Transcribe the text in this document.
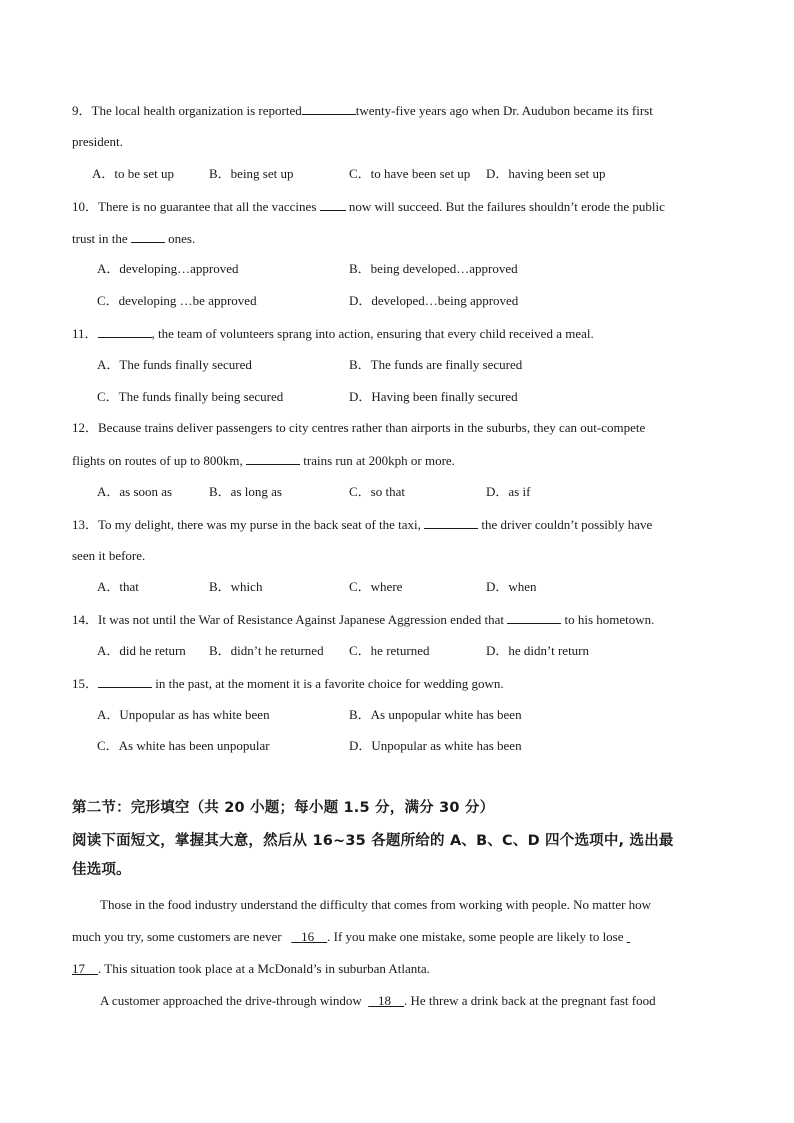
9．The local health organization is reported	twenty-five years ago when Dr. Audubon became its first
president.
A．to be set up	B．being set up	C．to have been set up D．having been set up
10．There is no guarantee that all the vaccines	now will succeed. But the failures shouldn’t erode the public
trust in the	ones.
A．developing…approved	B．being developed…approved
C．developing …be approved	D．developed…being approved
11．	, the team of volunteers sprang into action, ensuring that every child received a meal.
A．The funds finally secured	B．The funds are finally secured
C．The funds finally being secured	D．Having been finally secured
12．Because trains deliver passengers to city centres rather than airports in the suburbs, they can out-compete
flights on routes of up to 800km,	trains run at 200kph or more.
A．as soon as	B．as long as	C．so that	D．as if
13．To my delight, there was my purse in the back seat of the taxi,	the driver couldn’t possibly have
seen it before.
A．that	B．which	C．where	D．when
14．It was not until the War of Resistance Against Japanese Aggression ended that	to his hometown.
A．did he return B．didn’t he returned C．he returned	D．he didn’t return
15．	in the past, at the moment it is a favorite choice for wedding gown.
A．Unpopular as has white been	B．As unpopular white has been
C．As white has been unpopular	D．Unpopular as white has been
第二节：完形填空（共 20 小题；每小题 1.5 分，满分 30 分）
阅读下面短文，掌握其大意，然后从 16~35 各题所给的 A、B、C、D 四个选项中, 选出最
佳选项。
Those in the food industry understand the difficulty that comes from working with people. No matter how
much you try, some customers are never 16 . If you make one mistake, some people are likely to lose
17 . This situation took place at a McDonald’s in suburban Atlanta.
A customer approached the drive-through window 18 . He threw a drink back at the pregnant fast food
